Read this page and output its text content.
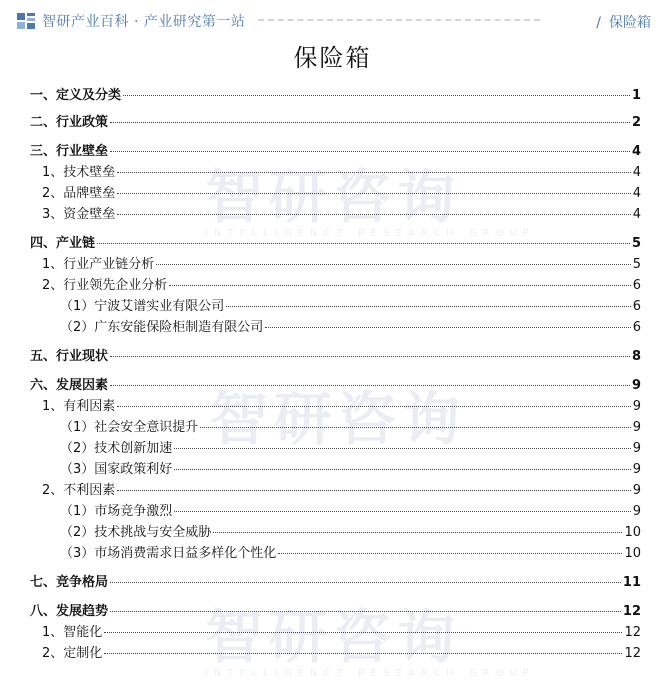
智研咨询
INTELLIGENCE RESEARCH GROUP
智研咨询
智研咨询
INTELLIGENCE RESEARCH GROUP
智研产业百科 · 产业研究第一站	/ 保险箱
保险箱
一、定义及分类	1
二、行业政策	2
三、行业壁垒	4
1、技术壁垒	4
2、品牌壁垒	4
3、资金壁垒	4
四、产业链	5
1、行业产业链分析	5
2、行业领先企业分析	6
（1）宁波艾谱实业有限公司	6
（2）广东安能保险柜制造有限公司	6
五、行业现状	8
六、发展因素	9
1、有利因素	9
（1）社会安全意识提升	9
（2）技术创新加速	9
（3）国家政策利好	9
2、不利因素	9
（1）市场竞争激烈	9
（2）技术挑战与安全威胁	10
（3）市场消费需求日益多样化个性化	10
七、竞争格局	11
八、发展趋势	12
1、智能化	12
2、定制化	12
